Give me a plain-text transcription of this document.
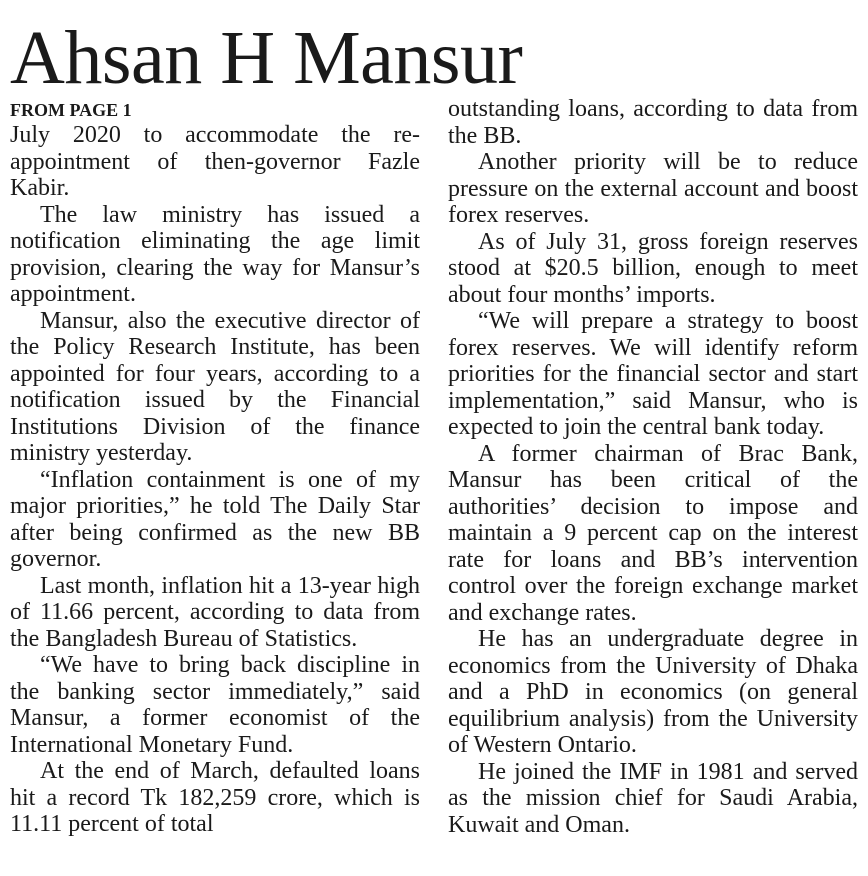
Ahsan H Mansur
FROM PAGE 1

July 2020 to accommodate the re-appointment of then-governor Fazle Kabir.

The law ministry has issued a notification eliminating the age limit provision, clearing the way for Mansur’s appointment.

Mansur, also the executive director of the Policy Research Institute, has been appointed for four years, according to a notification issued by the Financial Institutions Division of the finance ministry yesterday.

“Inflation containment is one of my major priorities,” he told The Daily Star after being confirmed as the new BB governor.

Last month, inflation hit a 13-year high of 11.66 percent, according to data from the Bangladesh Bureau of Statistics.

“We have to bring back discipline in the banking sector immediately,” said Mansur, a former economist of the International Monetary Fund.

At the end of March, defaulted loans hit a record Tk 182,259 crore, which is 11.11 percent of total

outstanding loans, according to data from the BB.

Another priority will be to reduce pressure on the external account and boost forex reserves.

As of July 31, gross foreign reserves stood at $20.5 billion, enough to meet about four months’ imports.

“We will prepare a strategy to boost forex reserves. We will identify reform priorities for the financial sector and start implementation,” said Mansur, who is expected to join the central bank today.

A former chairman of Brac Bank, Mansur has been critical of the authorities’ decision to impose and maintain a 9 percent cap on the interest rate for loans and BB’s intervention control over the foreign exchange market and exchange rates.

He has an undergraduate degree in economics from the University of Dhaka and a PhD in economics (on general equilibrium analysis) from the University of Western Ontario.

He joined the IMF in 1981 and served as the mission chief for Saudi Arabia, Kuwait and Oman.
